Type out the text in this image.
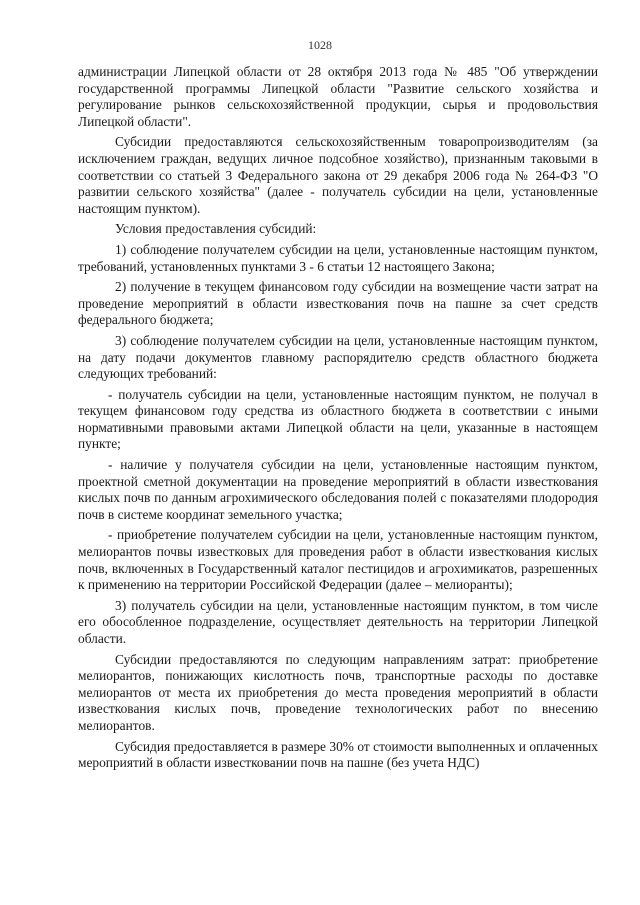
1028

администрации Липецкой области от 28 октября 2013 года № 485 "Об утверждении государственной программы Липецкой области "Развитие сельского хозяйства и регулирование рынков сельскохозяйственной продукции, сырья и продовольствия Липецкой области".

Субсидии предоставляются сельскохозяйственным товаропроизводителям (за исключением граждан, ведущих личное подсобное хозяйство), признанным таковыми в соответствии со статьей 3 Федерального закона от 29 декабря 2006 года № 264-ФЗ "О развитии сельского хозяйства" (далее - получатель субсидии на цели, установленные настоящим пунктом).

Условия предоставления субсидий:

1) соблюдение получателем субсидии на цели, установленные настоящим пунктом, требований, установленных пунктами 3 - 6 статьи 12 настоящего Закона;

2) получение в текущем финансовом году субсидии на возмещение части затрат на проведение мероприятий в области известкования почв на пашне за счет средств федерального бюджета;

3) соблюдение получателем субсидии на цели, установленные настоящим пунктом, на дату подачи документов главному распорядителю средств областного бюджета следующих требований:

- получатель субсидии на цели, установленные настоящим пунктом, не получал в текущем финансовом году средства из областного бюджета в соответствии с иными нормативными правовыми актами Липецкой области на цели, указанные в настоящем пункте;

- наличие у получателя субсидии на цели, установленные настоящим пунктом, проектной сметной документации на проведение мероприятий в области известкования кислых почв по данным агрохимического обследования полей с показателями плодородия почв в системе координат земельного участка;

- приобретение получателем субсидии на цели, установленные настоящим пунктом, мелиорантов почвы известковых для проведения работ в области известкования кислых почв, включенных в Государственный каталог пестицидов и агрохимикатов, разрешенных к применению на территории Российской Федерации (далее – мелиоранты);

3) получатель субсидии на цели, установленные настоящим пунктом, в том числе его обособленное подразделение, осуществляет деятельность на территории Липецкой области.

Субсидии предоставляются по следующим направлениям затрат: приобретение мелиорантов, понижающих кислотность почв, транспортные расходы по доставке мелиорантов от места их приобретения до места проведения мероприятий в области известкования кислых почв, проведение технологических работ по внесению мелиорантов.

Субсидия предоставляется в размере 30% от стоимости выполненных и оплаченных мероприятий в области известковании почв на пашне (без учета НДС)
